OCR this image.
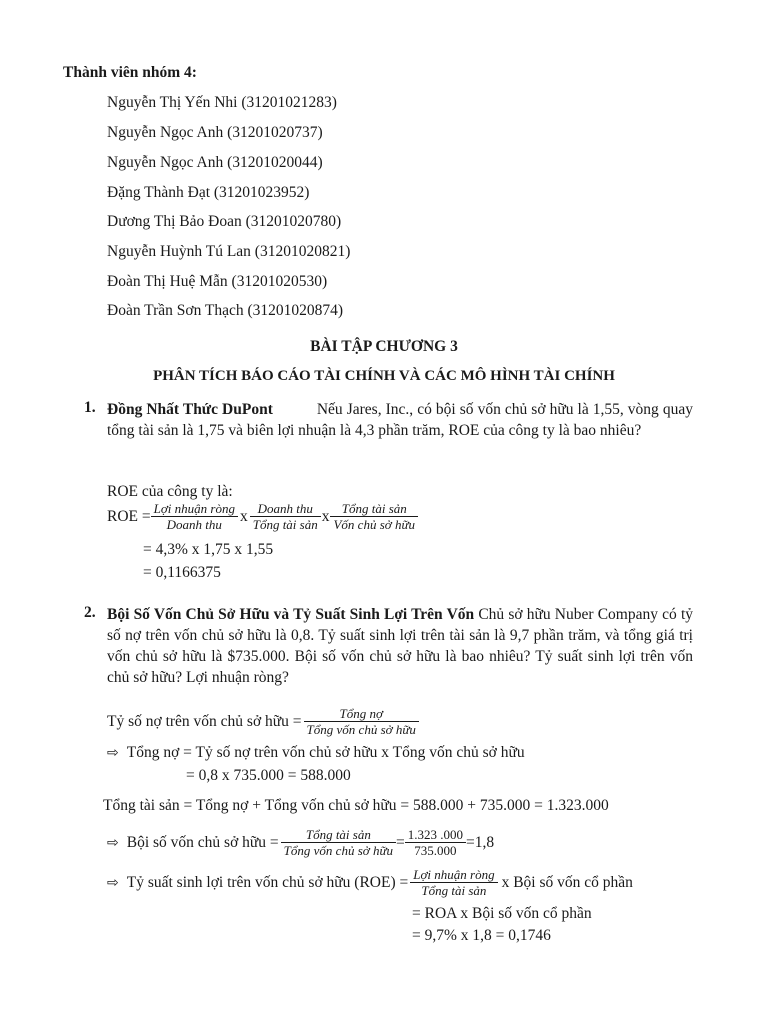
Thành viên nhóm 4:
Nguyễn Thị Yến Nhi (31201021283)
Nguyễn Ngọc Anh (31201020737)
Nguyễn Ngọc Anh (31201020044)
Đặng Thành Đạt (31201023952)
Dương Thị Bảo Đoan (31201020780)
Nguyễn Huỳnh Tú Lan (31201020821)
Đoàn Thị Huệ Mẫn (31201020530)
Đoàn Trần Sơn Thạch (31201020874)
BÀI TẬP CHƯƠNG 3
PHÂN TÍCH BÁO CÁO TÀI CHÍNH VÀ CÁC MÔ HÌNH TÀI CHÍNH
1. Đồng Nhất Thức DuPont	Nếu Jares, Inc., có bội số vốn chủ sở hữu là 1,55, vòng quay tổng tài sản là 1,75 và biên lợi nhuận là 4,3 phần trăm, ROE của công ty là bao nhiêu?
ROE của công ty là:
ROE = $\frac{\text{Lợi nhuận ròng}}{\text{Doanh thu}}$ x $\frac{\text{Doanh thu}}{\text{Tổng tài sản}}$ x $\frac{\text{Tổng tài sản}}{\text{Vốn chủ sở hữu}}$
= 4,3% x 1,75 x 1,55
= 0,1166375
2. Bội Số Vốn Chủ Sở Hữu và Tỷ Suất Sinh Lợi Trên Vốn Chủ sở hữu Nuber Company có tỷ số nợ trên vốn chủ sở hữu là 0,8. Tỷ suất sinh lợi trên tài sản là 9,7 phần trăm, và tổng giá trị vốn chủ sở hữu là $735.000. Bội số vốn chủ sở hữu là bao nhiêu? Tỷ suất sinh lợi trên vốn chủ sở hữu? Lợi nhuận ròng?
Tỷ số nợ trên vốn chủ sở hữu = $\frac{\text{Tổng nợ}}{\text{Tổng vốn chủ sở hữu}}$
⇨ Tổng nợ = Tỷ số nợ trên vốn chủ sở hữu x Tổng vốn chủ sở hữu
= 0,8 x 735.000 = 588.000
Tổng tài sản = Tổng nợ + Tổng vốn chủ sở hữu = 588.000 + 735.000 = 1.323.000
⇨ Bội số vốn chủ sở hữu = $\frac{\text{Tổng tài sản}}{\text{Tổng vốn chủ sở hữu}} = \frac{1.323 .000}{735.000} =1,8$
⇨ Tỷ suất sinh lợi trên vốn chủ sở hữu $(ROE) = \frac{\text{Lợi nhuận ròng}}{\text{Tổng tài sản}}$ x Bội số vốn cổ phần
= ROA x Bội số vốn cổ phần
= 9,7% x 1,8 = 0,1746
